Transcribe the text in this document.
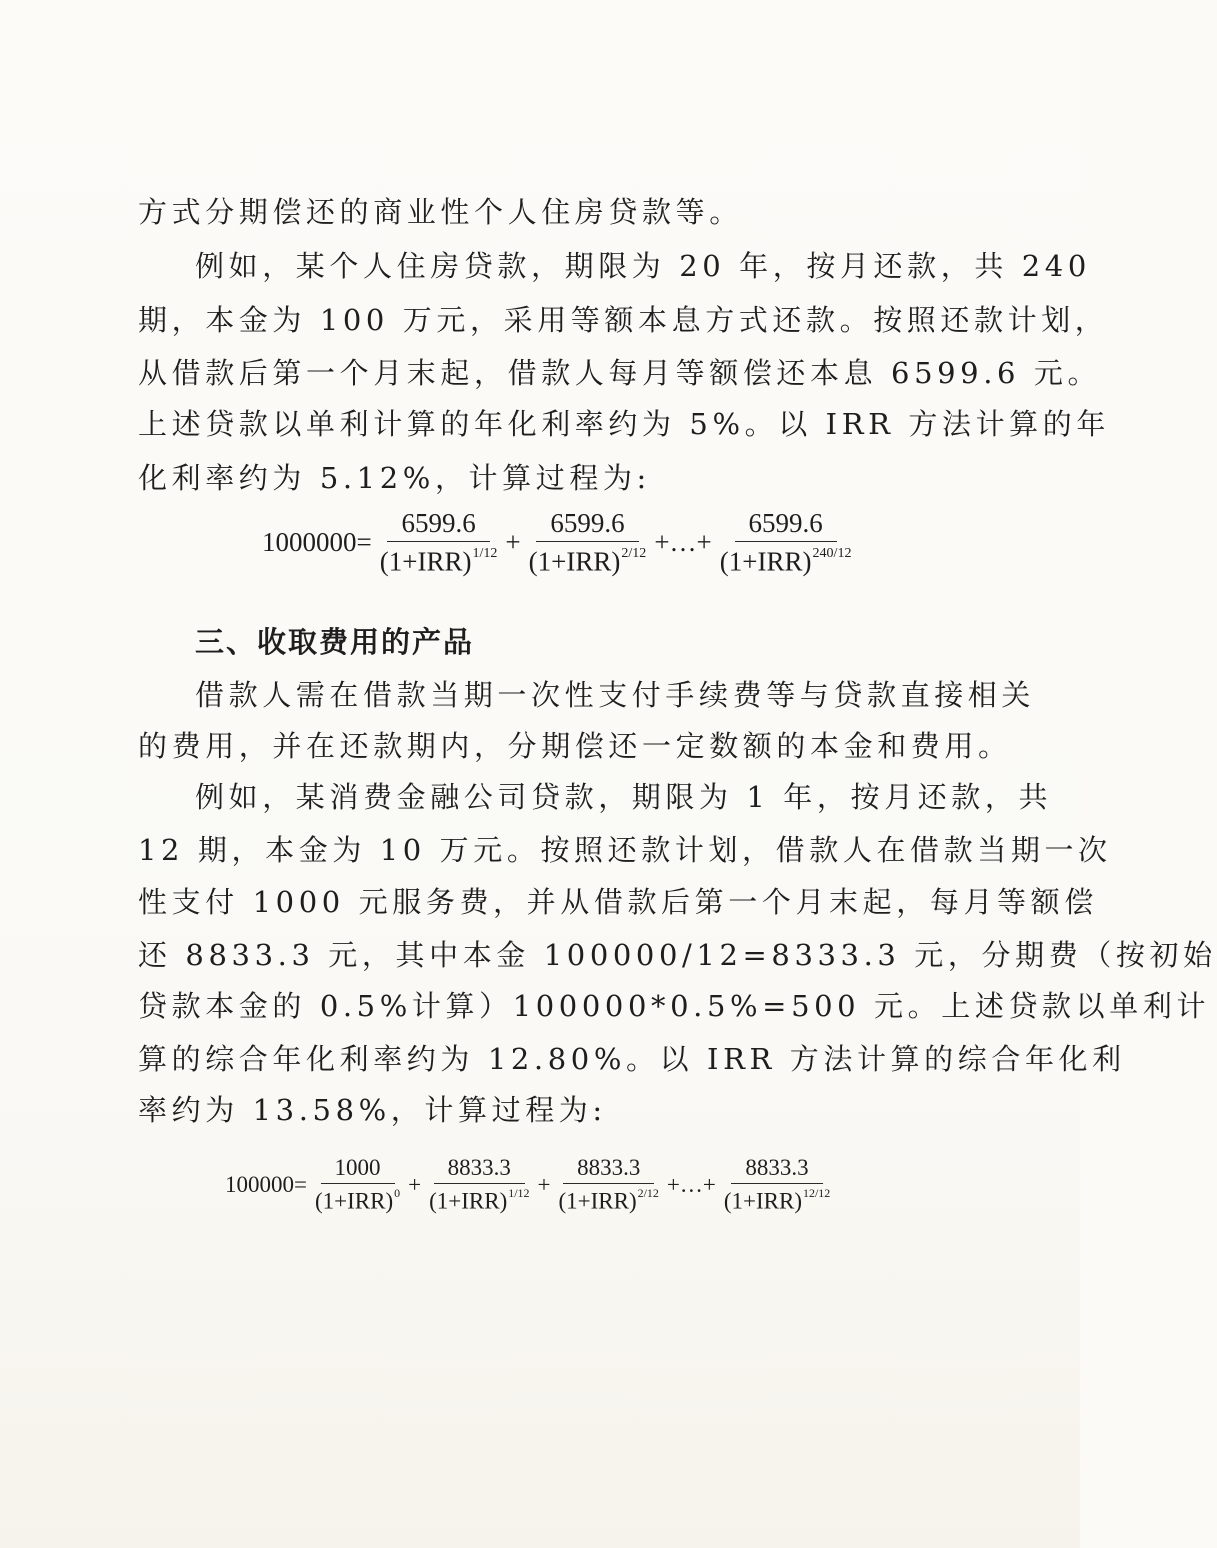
方式分期偿还的商业性个人住房贷款等。
例如，某个人住房贷款，期限为 20 年，按月还款，共 240
期，本金为 100 万元，采用等额本息方式还款。按照还款计划，
从借款后第一个月末起，借款人每月等额偿还本息 6599.6 元。
上述贷款以单利计算的年化利率约为 5%。以 IRR 方法计算的年
化利率约为 5.12%，计算过程为:
$1000000= \frac{6599.6}{(1+IRR)^{1/12}} + \frac{6599.6}{(1+IRR)^{2/12}}$ +…+ $\frac{6599.6}{(1+IRR)^{240/12}}$
三、收取费用的产品
借款人需在借款当期一次性支付手续费等与贷款直接相关
的费用，并在还款期内，分期偿还一定数额的本金和费用。
例如，某消费金融公司贷款，期限为 1 年，按月还款，共
12 期，本金为 10 万元。按照还款计划，借款人在借款当期一次
性支付 1000 元服务费，并从借款后第一个月末起，每月等额偿
还 8833.3 元，其中本金 100000/12=8333.3 元，分期费（按初始
贷款本金的 0.5%计算）100000*0.5%=500 元。上述贷款以单利计
算的综合年化利率约为 12.80%。以 IRR 方法计算的综合年化利
率约为 13.58%，计算过程为:
$100000= \frac{1000}{(1+IRR)^0} + \frac{8833.3}{(1+IRR)^{1/12}} + \frac{8833.3}{(1+IRR)^{2/12}}$ +…+ $\frac{8833.3}{(1+IRR)^{12/12}}$
